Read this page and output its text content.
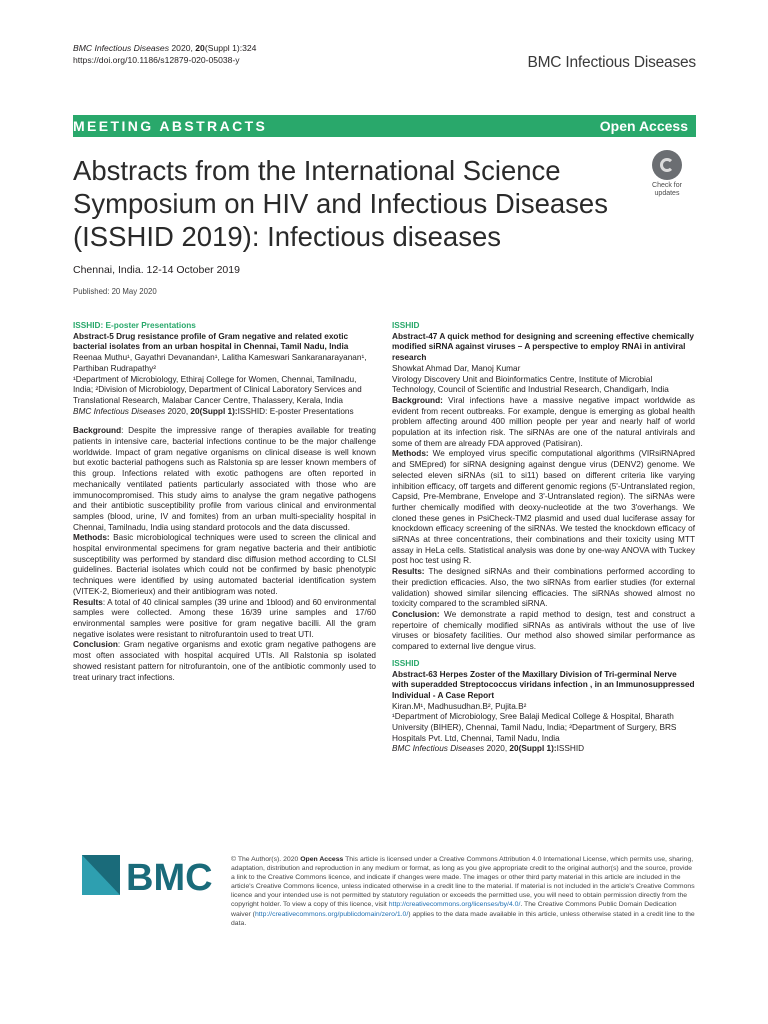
BMC Infectious Diseases 2020, 20(Suppl 1):324
https://doi.org/10.1186/s12879-020-05038-y	BMC Infectious Diseases
MEETING ABSTRACTS	Open Access
Abstracts from the International Science Symposium on HIV and Infectious Diseases (ISSHID 2019): Infectious diseases
Check for
updates
Chennai, India. 12-14 October 2019
Published: 20 May 2020
ISSHID: E-poster Presentations
Abstract-5 Drug resistance profile of Gram negative and related exotic bacterial isolates from an urban hospital in Chennai, Tamil Nadu, India
Reenaa Muthu¹, Gayathri Devanandan¹, Lalitha Kameswari Sankaranarayanan¹, Parthiban Rudrapathy²
¹Department of Microbiology, Ethiraj College for Women, Chennai, Tamilnadu, India; ²Division of Microbiology, Department of Clinical Laboratory Services and Translational Research, Malabar Cancer Centre, Thalassery, Kerala, India
BMC Infectious Diseases 2020, 20(Suppl 1):ISSHID: E-poster Presentations

Background: Despite the impressive range of therapies available for treating patients in intensive care, bacterial infections continue to be the major challenge worldwide. Impact of gram negative organisms on clinical disease is well known but exotic bacterial pathogens such as Ralstonia sp are lesser known members of this group. Infections related with exotic pathogens are often reported in mechanically ventilated patients particularly associated with those who are immunocompromised. This study aims to analyse the gram negative pathogens and their antibiotic susceptibility profile from various clinical and environmental samples (blood, urine, IV and fomites) from an urban multi-speciality hospital in Chennai, Tamilnadu, India using standard protocols and the data discussed.

Methods: Basic microbiological techniques were used to screen the clinical and hospital environmental specimens for gram negative bacteria and their antibiotic susceptibility was performed by standard disc diffusion method according to CLSI guidelines. Bacterial isolates which could not be confirmed by basic phenotypic techniques were identified by using automated bacterial identification system (VITEK-2, Biomerieux) and their antibiogram was noted.

Results: A total of 40 clinical samples (39 urine and 1blood) and 60 environmental samples were collected. Among these 16/39 urine samples and 17/60 environmental samples were positive for gram negative bacilli. All the gram negative isolates were resistant to nitrofurantoin used to treat UTI.

Conclusion: Gram negative organisms and exotic gram negative pathogens are most often associated with hospital acquired UTIs. All Ralstonia sp isolated showed resistant pattern for nitrofurantoin, one of the antibiotic commonly used to treat urinary tract infections.

ISSHID
Abstract-47 A quick method for designing and screening effective chemically modified siRNA against viruses – A perspective to employ RNAi in antiviral research
Showkat Ahmad Dar, Manoj Kumar
Virology Discovery Unit and Bioinformatics Centre, Institute of Microbial Technology, Council of Scientific and Industrial Research, Chandigarh, India

Background: Viral infections have a massive negative impact worldwide as evident from recent outbreaks. For example, dengue is emerging as global health problem affecting around 400 million people per year and nearly half of world population at its infection risk. The siRNAs are one of the natural antivirals and some of them are already FDA approved (Patisiran).

Methods: We employed virus specific computational algorithms (VIRsiRNApred and SMEpred) for siRNA designing against dengue virus (DENV2) genome. We selected eleven siRNAs (si1 to si11) based on different criteria like varying inhibition efficacy, off targets and different genomic regions (5'-Untranslated region, Capsid, Pre-Membrane, Envelope and 3'-Untranslated region). The siRNAs were further chemically modified with deoxy-nucleotide at the two 3'overhangs. We cloned these genes in PsiCheck-TM2 plasmid and used dual luciferase assay for knockdown efficacy screening of the siRNAs. We tested the knockdown efficacy of siRNAs at three concentrations, their combinations and their toxicity using MTT assay in HeLa cells. Statistical analysis was done by one-way ANOVA with Tuckey post hoc test using R.

Results: The designed siRNAs and their combinations performed according to their prediction efficacies. Also, the two siRNAs from earlier studies (for external validation) showed similar silencing efficacies. The siRNAs showed almost no toxicity compared to the scrambled siRNA.

Conclusion: We demonstrate a rapid method to design, test and construct a repertoire of chemically modified siRNAs as antivirals without the use of live viruses or biosafety facilities. Our method also showed similar performance as compared to external live dengue virus.

ISSHID
Abstract-63 Herpes Zoster of the Maxillary Division of Tri-germinal Nerve with superadded Streptococcus viridans infection , in an Immunosuppressed Individual - A Case Report
Kiran.M¹, Madhusudhan.B², Pujita.B²
¹Department of Microbiology, Sree Balaji Medical College & Hospital, Bharath University (BIHER), Chennai, Tamil Nadu, India; ²Department of Surgery, BRS Hospitals Pvt. Ltd, Chennai, Tamil Nadu, India
BMC Infectious Diseases 2020, 20(Suppl 1):ISSHID
BMC	© The Author(s). 2020 Open Access This article is licensed under a Creative Commons Attribution 4.0 International License, which permits use, sharing, adaptation, distribution and reproduction in any medium or format, as long as you give appropriate credit to the original author(s) and the source, provide a link to the Creative Commons licence, and indicate if changes were made. The images or other third party material in this article are included in the article's Creative Commons licence, unless indicated otherwise in a credit line to the material. If material is not included in the article's Creative Commons licence and your intended use is not permitted by statutory regulation or exceeds the permitted use, you will need to obtain permission directly from the copyright holder. To view a copy of this licence, visit http://creativecommons.org/licenses/by/4.0/. The Creative Commons Public Domain Dedication waiver (http://creativecommons.org/publicdomain/zero/1.0/) applies to the data made available in this article, unless otherwise stated in a credit line to the data.
